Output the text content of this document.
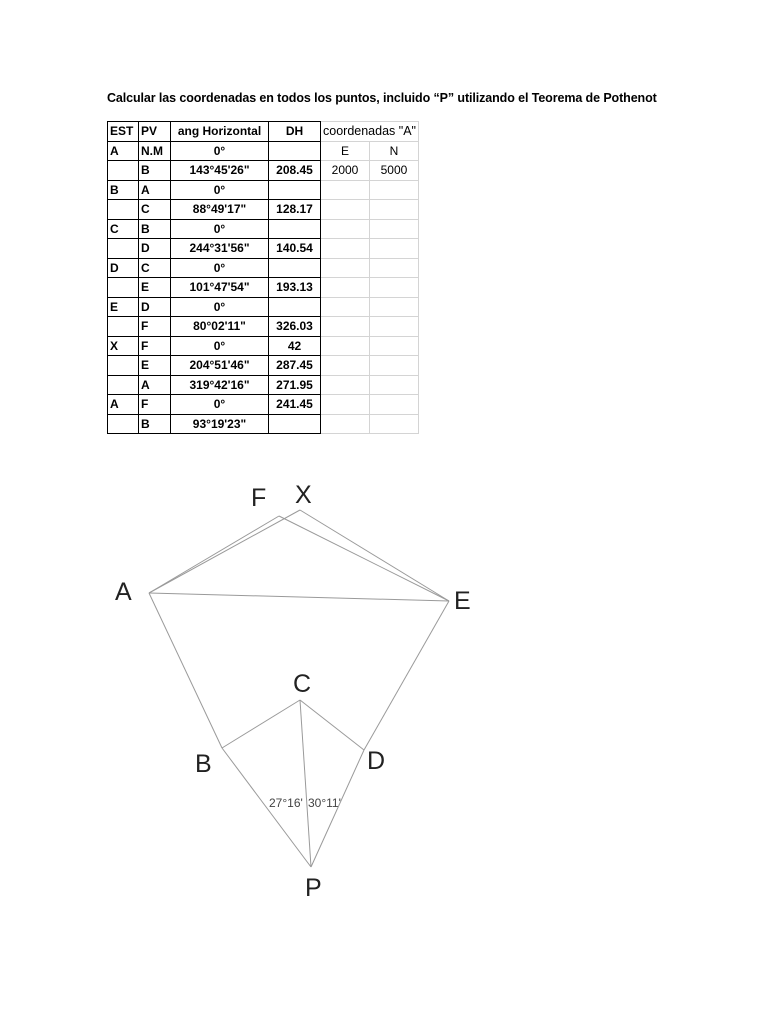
Calcular las coordenadas en todos los puntos, incluido “P” utilizando el Teorema de Pothenot
EST	PV	ang Horizontal	DH	coordenadas "A"	
A	N.M	0°		E	N
	B	143°45'26"	208.45	2000	5000
B	A	0°			
	C	88°49'17"	128.17		
C	B	0°			
	D	244°31'56"	140.54		
D	C	0°			
	E	101°47'54"	193.13		
E	D	0°			
	F	80°02'11"	326.03		
X	F	0°	42		
	E	204°51'46"	287.45		
	A	319°42'16"	271.95		
A	F	0°	241.45		
	B	93°19'23"			
F X
A	E
C
B	D
P
27°16' 30°11'
